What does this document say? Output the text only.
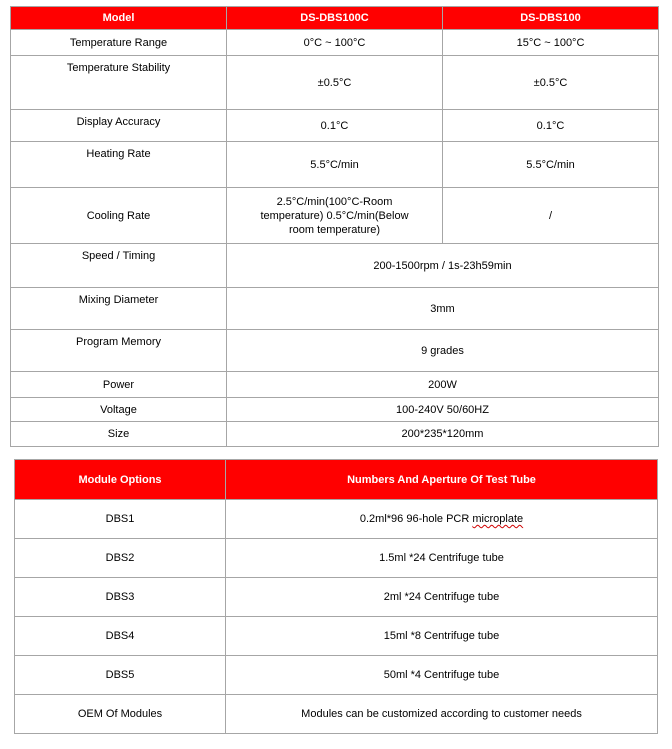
Model	DS-DBS100C	DS-DBS100
Temperature Range	0°C ~ 100°C	15°C ~ 100°C
Temperature Stability	±0.5°C	±0.5°C
Display Accuracy	0.1°C	0.1°C
Heating Rate	5.5°C/min	5.5°C/min
Cooling Rate	2.5°C/min(100°C-Room temperature) 0.5°C/min(Below room temperature)	/
Speed / Timing	200-1500rpm / 1s-23h59min	
Mixing Diameter	3mm	
Program Memory	9 grades	
Power	200W	
Voltage	100-240V 50/60HZ	
Size	200*235*120mm	
Module Options	Numbers And Aperture Of Test Tube
DBS1	0.2ml*96 96-hole PCR microplate
DBS2	1.5ml *24 Centrifuge tube
DBS3	2ml *24 Centrifuge tube
DBS4	15ml *8 Centrifuge tube
DBS5	50ml *4 Centrifuge tube
OEM Of Modules	Modules can be customized according to customer needs
